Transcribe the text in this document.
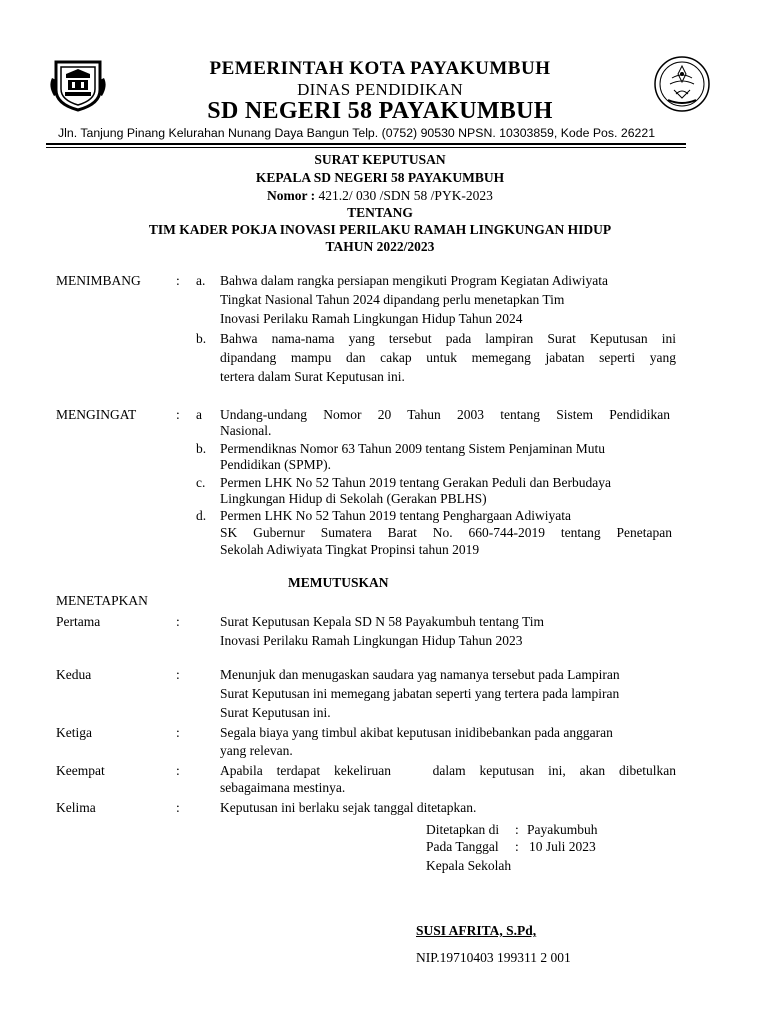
PEMERINTAH KOTA PAYAKUMBUH
DINAS PENDIDIKAN
SD NEGERI 58 PAYAKUMBUH
Jln. Tanjung Pinang Kelurahan Nunang Daya Bangun Telp. (0752) 90530 NPSN. 10303859, Kode Pos. 26221
SURAT KEPUTUSAN
KEPALA SD NEGERI 58 PAYAKUMBUH
Nomor : 421.2/ 030 /SDN 58 /PYK-2023
TENTANG
TIM KADER POKJA INOVASI PERILAKU RAMAH LINGKUNGAN HIDUP
TAHUN 2022/2023
MENIMBANG	: a. Bahwa dalam rangka persiapan mengikuti Program Kegiatan Adiwiyata
Tingkat Nasional Tahun 2024 dipandang perlu menetapkan Tim
Inovasi Perilaku Ramah Lingkungan Hidup Tahun 2024
b. Bahwa nama-nama yang tersebut pada lampiran Surat Keputusan ini
dipandang mampu dan cakap untuk memegang jabatan seperti yang
tertera dalam Surat Keputusan ini.
MENGINGAT	: a Undang-undang Nomor 20 Tahun 2003 tentang Sistem Pendidikan
Nasional.
b. Permendiknas Nomor 63 Tahun 2009 tentang Sistem Penjaminan Mutu
Pendidikan (SPMP).
c. Permen LHK No 52 Tahun 2019 tentang Gerakan Peduli dan Berbudaya
Lingkungan Hidup di Sekolah (Gerakan PBLHS)
d. Permen LHK No 52 Tahun 2019 tentang Penghargaan Adiwiyata
SK Gubernur Sumatera Barat No. 660-744-2019 tentang Penetapan
Sekolah Adiwiyata Tingkat Propinsi tahun 2019
MEMUTUSKAN
MENETAPKAN
Pertama	:	Surat Keputusan Kepala SD N 58 Payakumbuh tentang Tim
Inovasi Perilaku Ramah Lingkungan Hidup Tahun 2023
Kedua	:	Menunjuk dan menugaskan saudara yag namanya tersebut pada Lampiran
Surat Keputusan ini memegang jabatan seperti yang tertera pada lampiran
Surat Keputusan ini.
Ketiga	:	Segala biaya yang timbul akibat keputusan inidibebankan pada anggaran
yang relevan.
Keempat	:	Apabila terdapat kekeliruan   dalam keputusan ini, akan dibetulkan
sebagaimana mestinya.
Kelima	:	Keputusan ini berlaku sejak tanggal ditetapkan.
Ditetapkan di : Payakumbuh
Pada Tanggal : 10 Juli 2023
Kepala Sekolah
SUSI AFRITA, S.Pd,
NIP.19710403 199311 2 001
